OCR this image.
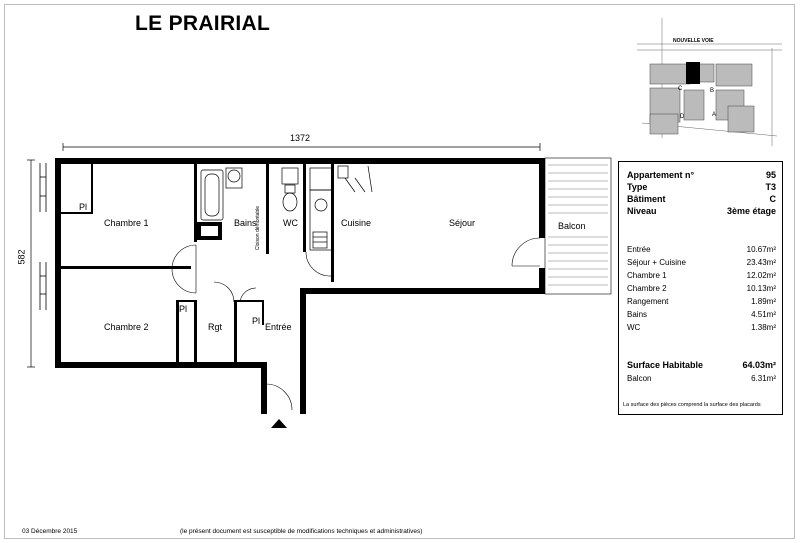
LE PRAIRIAL
1372
582
Chambre 1
Chambre 2
Bains	WC	Cuisine	Séjour	Balcon
Rgt	Entrée
Pl
Pl
Pl
Cloison démontable
NOUVELLE VOIE
C	B
D	A
Appartement n°	95
Type	T3
Bâtiment	C
Niveau	3ème étage
Entrée	10.67m²
Séjour + Cuisine	23.43m²
Chambre 1	12.02m²
Chambre 2	10.13m²
Rangement	1.89m²
Bains	4.51m²
WC	1.38m²
Surface Habitable	64.03m²
Balcon	6.31m²
La surface des pièces comprend la surface des placards
03 Décembre 2015	(le présent document est susceptible de modifications techniques et administratives)
